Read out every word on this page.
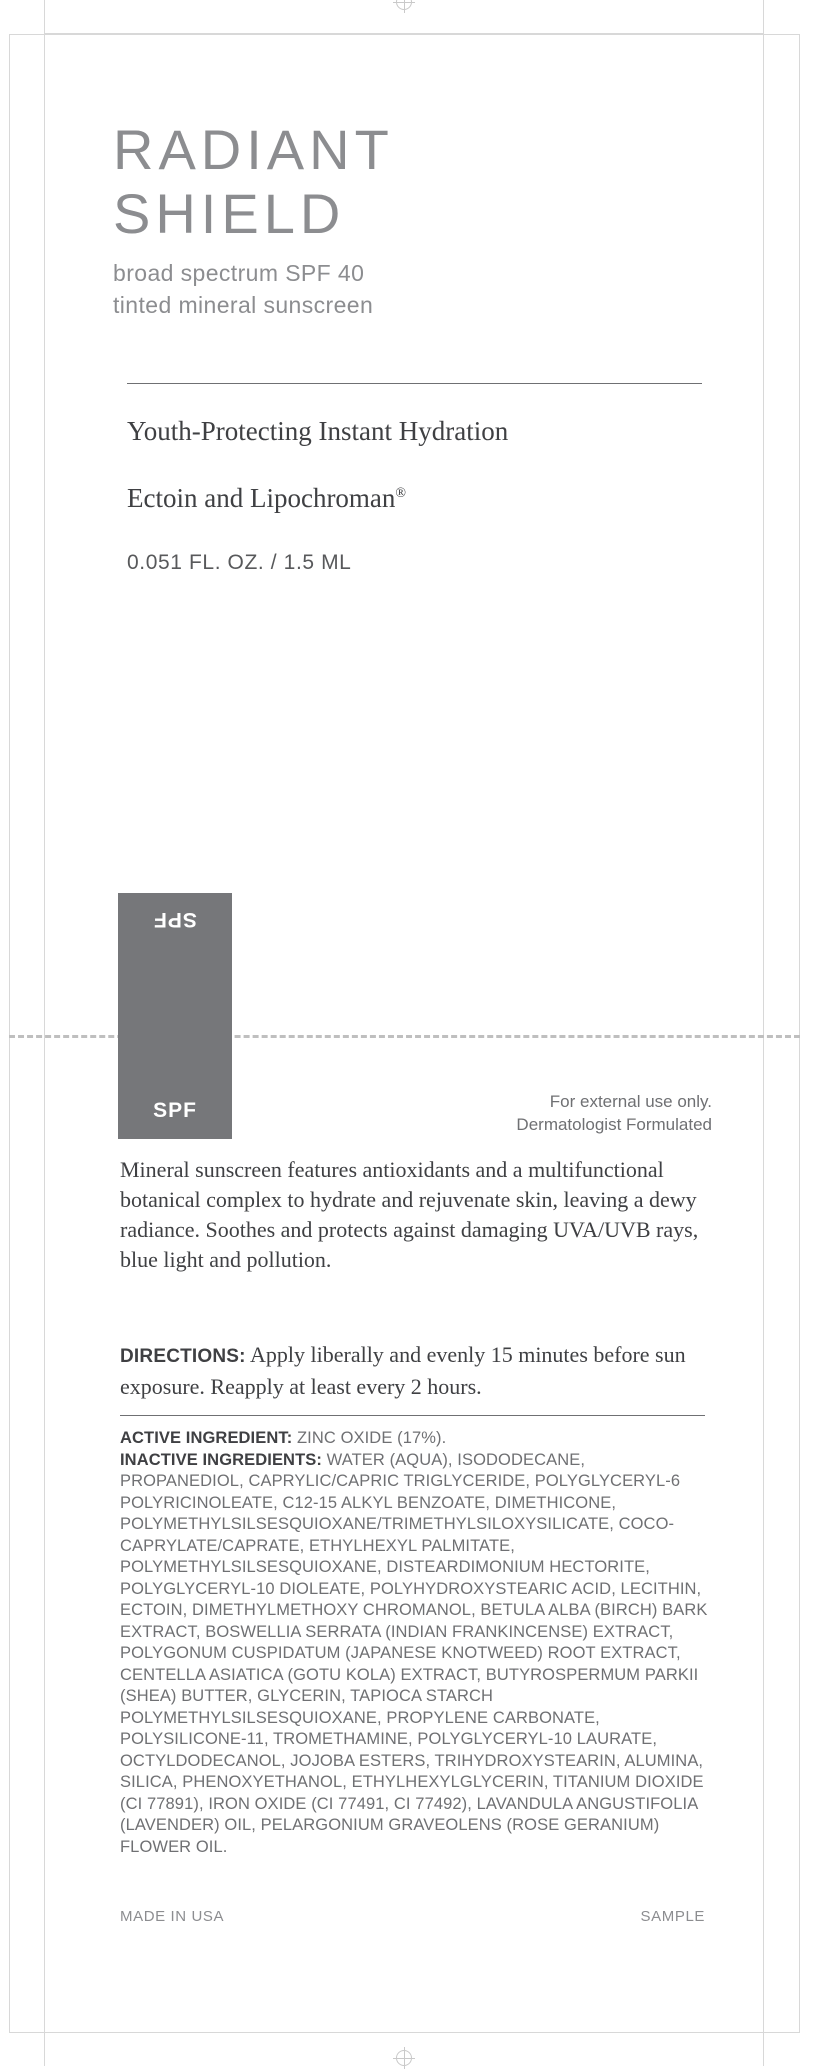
RADIANT
SHIELD
broad spectrum SPF 40
tinted mineral sunscreen
Youth-Protecting Instant Hydration
Ectoin and Lipochroman®
0.051 FL. OZ. / 1.5 ML
SPF
SPF	For external use only.
Dermatologist Formulated
Mineral sunscreen features antioxidants and a multifunctional botanical complex to hydrate and rejuvenate skin, leaving a dewy radiance. Soothes and protects against damaging UVA/UVB rays, blue light and pollution.
DIRECTIONS: Apply liberally and evenly 15 minutes before sun exposure. Reapply at least every 2 hours.
ACTIVE INGREDIENT: ZINC OXIDE (17%).
INACTIVE INGREDIENTS: WATER (AQUA), ISODODECANE, PROPANEDIOL, CAPRYLIC/CAPRIC TRIGLYCERIDE, POLYGLYCERYL-6 POLYRICINOLEATE, C12-15 ALKYL BENZOATE, DIMETHICONE, POLYMETHYLSILSESQUIOXANE/TRIMETHYLSILOXYSILICATE, COCO-CAPRYLATE/CAPRATE, ETHYLHEXYL PALMITATE, POLYMETHYLSILSESQUIOXANE, DISTEARDIMONIUM HECTORITE, POLYGLYCERYL-10 DIOLEATE, POLYHYDROXYSTEARIC ACID, LECITHIN, ECTOIN, DIMETHYLMETHOXY CHROMANOL, BETULA ALBA (BIRCH) BARK EXTRACT, BOSWELLIA SERRATA (INDIAN FRANKINCENSE) EXTRACT, POLYGONUM CUSPIDATUM (JAPANESE KNOTWEED) ROOT EXTRACT, CENTELLA ASIATICA (GOTU KOLA) EXTRACT, BUTYROSPERMUM PARKII (SHEA) BUTTER, GLYCERIN, TAPIOCA STARCH POLYMETHYLSILSESQUIOXANE, PROPYLENE CARBONATE, POLYSILICONE-11, TROMETHAMINE, POLYGLYCERYL-10 LAURATE, OCTYLDODECANOL, JOJOBA ESTERS, TRIHYDROXYSTEARIN, ALUMINA, SILICA, PHENOXYETHANOL, ETHYLHEXYLGLYCERIN, TITANIUM DIOXIDE (CI 77891), IRON OXIDE (CI 77491, CI 77492), LAVANDULA ANGUSTIFOLIA (LAVENDER) OIL, PELARGONIUM GRAVEOLENS (ROSE GERANIUM) FLOWER OIL.
MADE IN USA	SAMPLE
